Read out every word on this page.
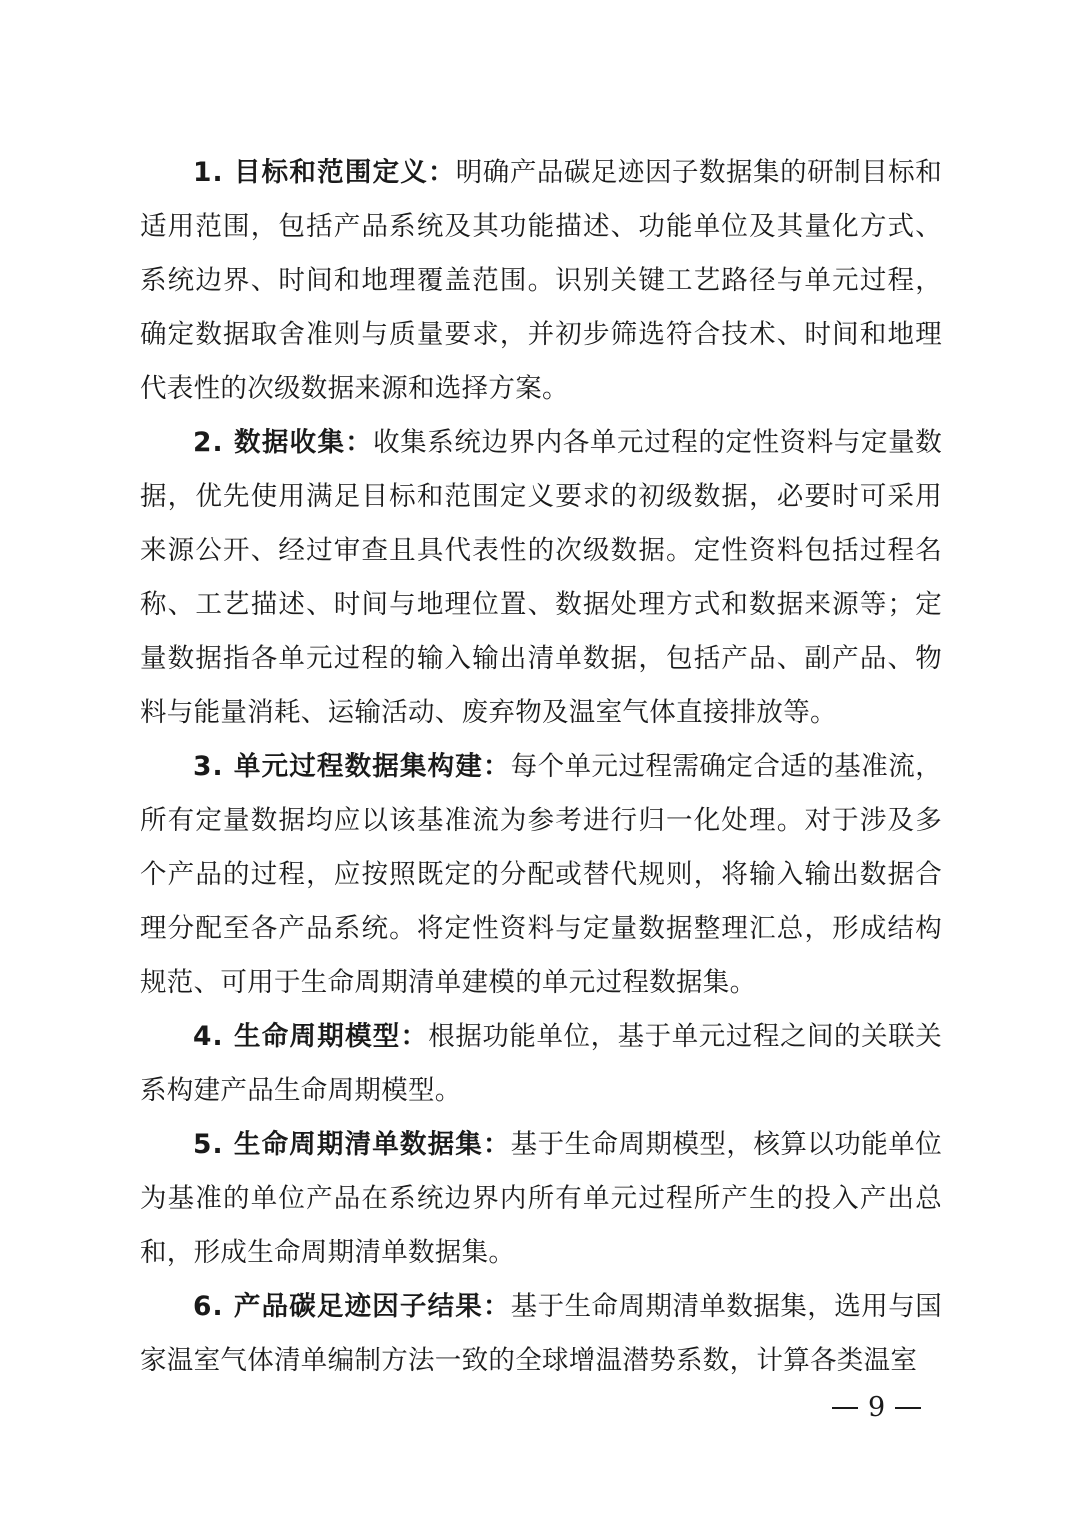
1. 目标和范围定义：明确产品碳足迹因子数据集的研制目标和适用范围，包括产品系统及其功能描述、功能单位及其量化方式、系统边界、时间和地理覆盖范围。识别关键工艺路径与单元过程，确定数据取舍准则与质量要求，并初步筛选符合技术、时间和地理代表性的次级数据来源和选择方案。

2. 数据收集：收集系统边界内各单元过程的定性资料与定量数据，优先使用满足目标和范围定义要求的初级数据，必要时可采用来源公开、经过审查且具代表性的次级数据。定性资料包括过程名称、工艺描述、时间与地理位置、数据处理方式和数据来源等；定量数据指各单元过程的输入输出清单数据，包括产品、副产品、物料与能量消耗、运输活动、废弃物及温室气体直接排放等。

3. 单元过程数据集构建：每个单元过程需确定合适的基准流，所有定量数据均应以该基准流为参考进行归一化处理。对于涉及多个产品的过程，应按照既定的分配或替代规则，将输入输出数据合理分配至各产品系统。将定性资料与定量数据整理汇总，形成结构规范、可用于生命周期清单建模的单元过程数据集。

4. 生命周期模型：根据功能单位，基于单元过程之间的关联关系构建产品生命周期模型。

5. 生命周期清单数据集：基于生命周期模型，核算以功能单位为基准的单位产品在系统边界内所有单元过程所产生的投入产出总和，形成生命周期清单数据集。

6. 产品碳足迹因子结果：基于生命周期清单数据集，选用与国家温室气体清单编制方法一致的全球增温潜势系数，计算各类温室

9
